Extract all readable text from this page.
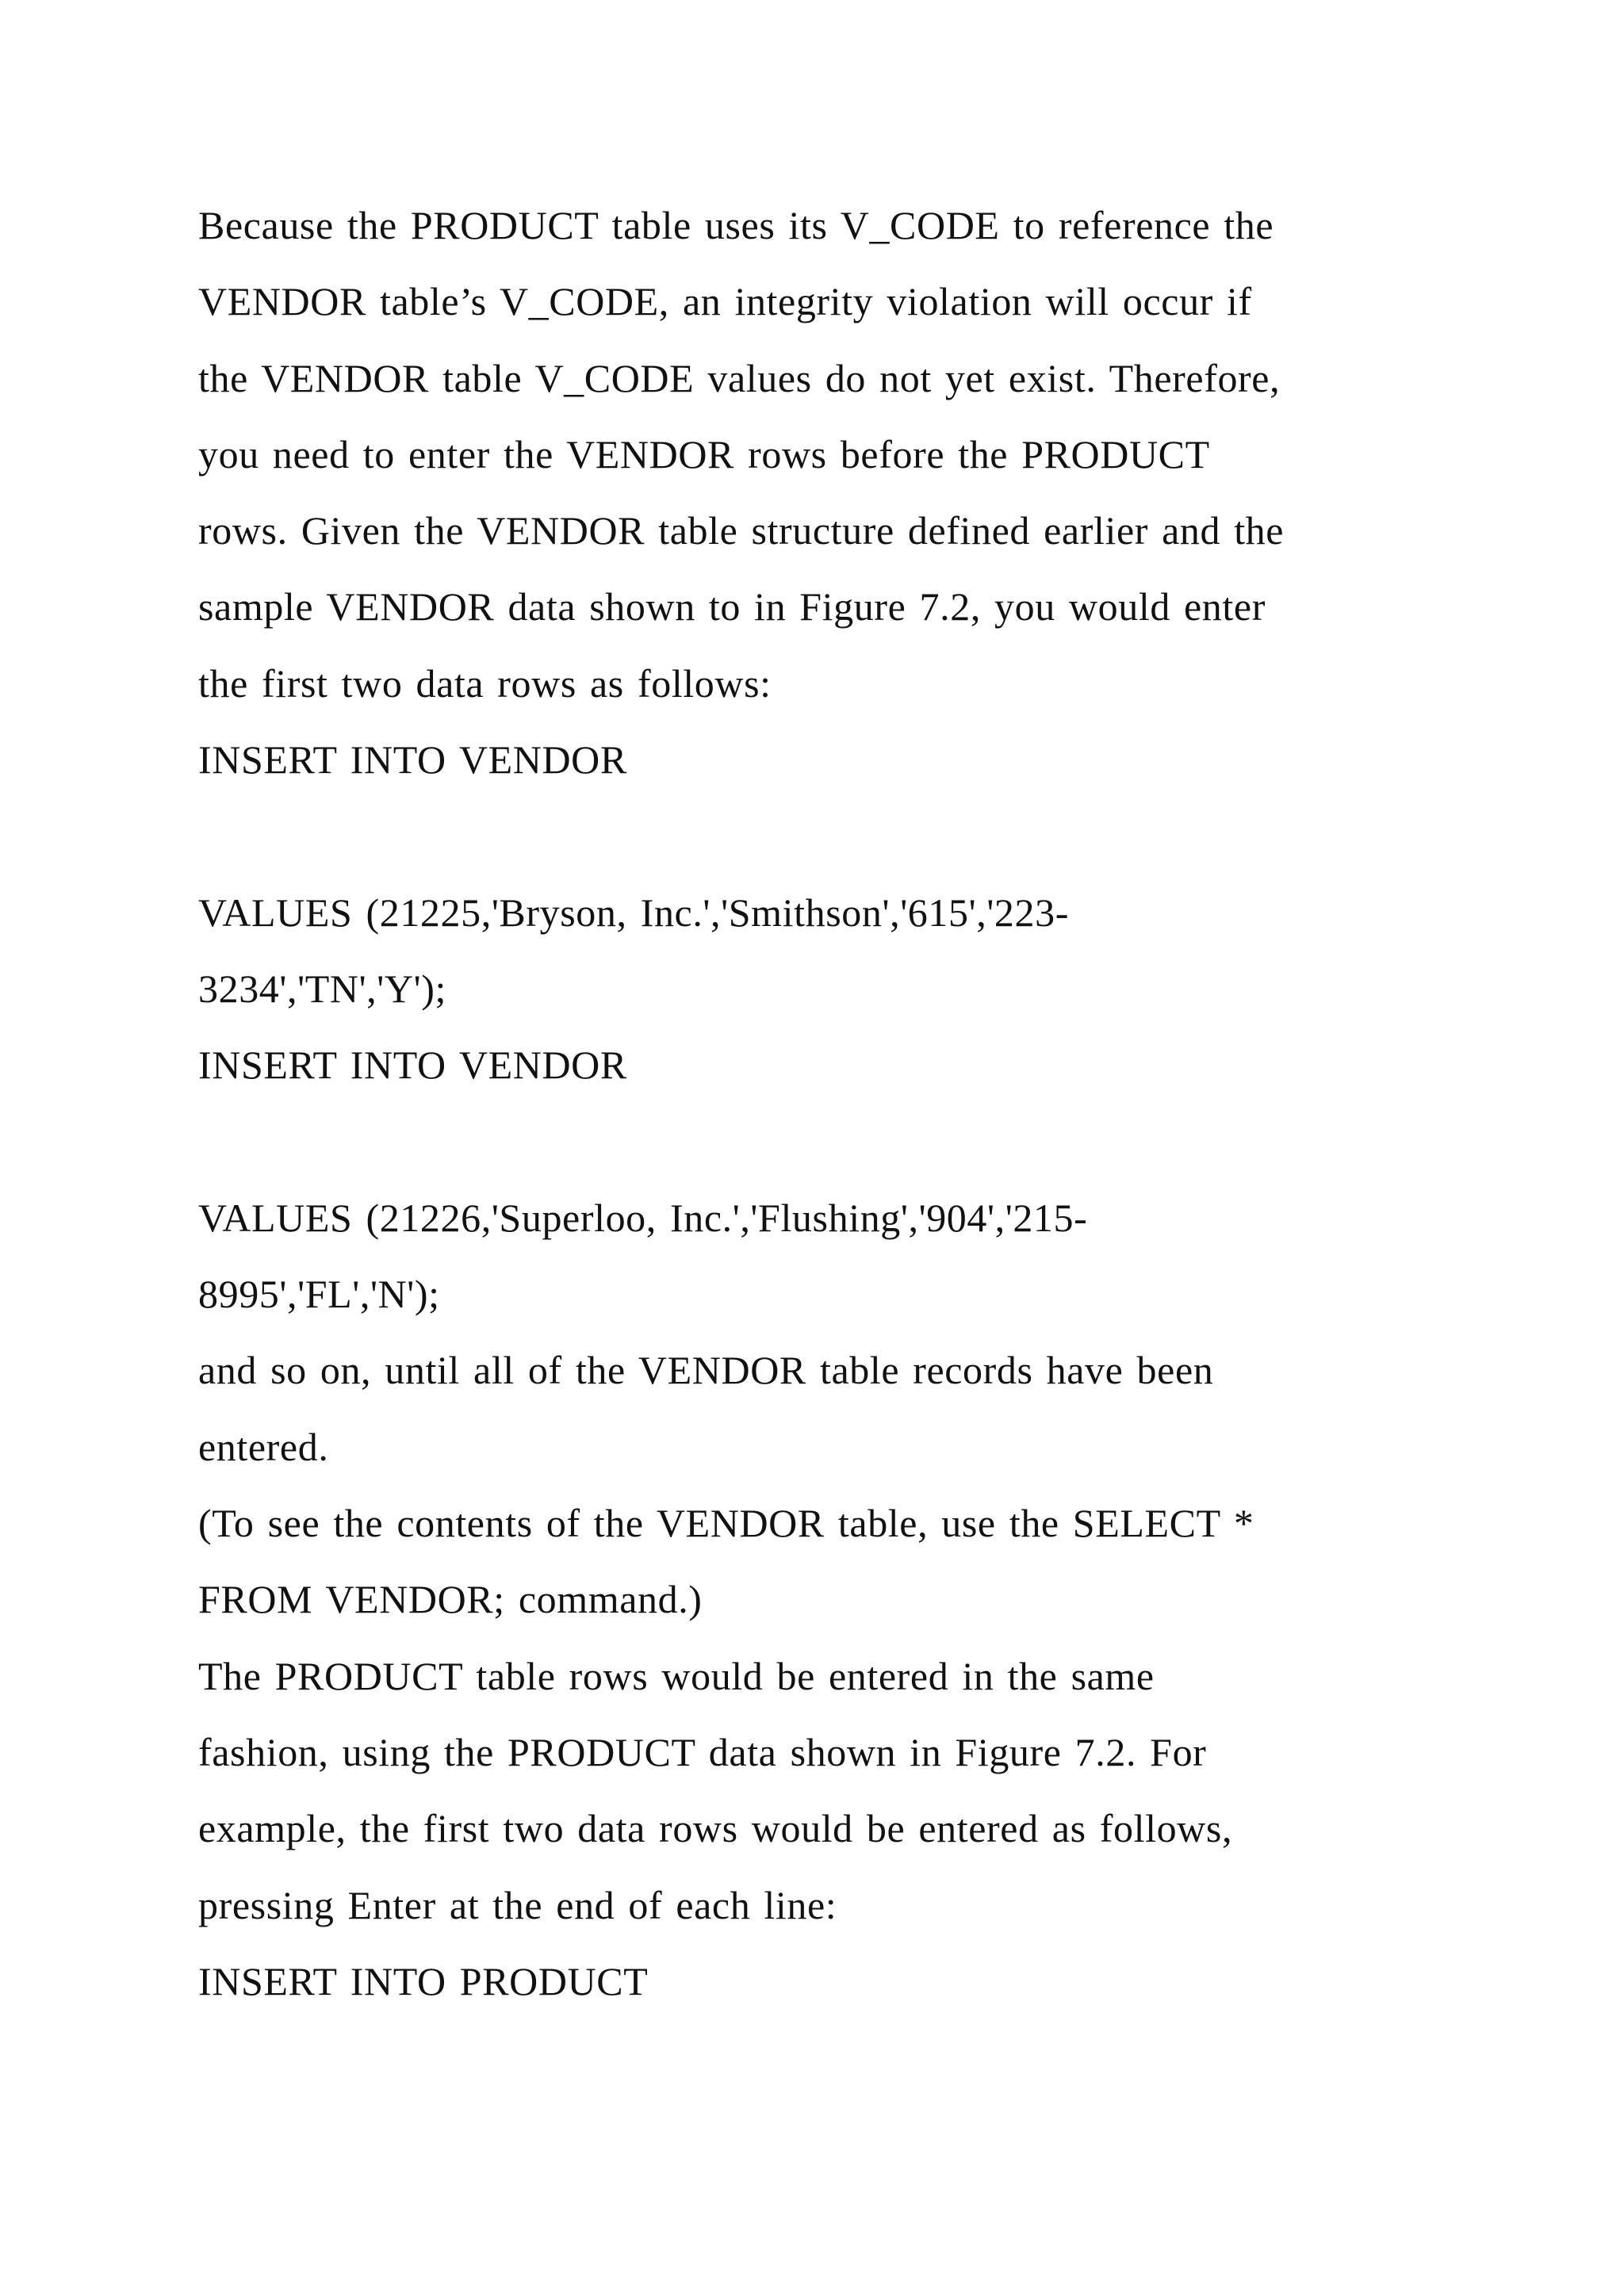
Because the PRODUCT table uses its V_CODE to reference the
VENDOR table’s V_CODE, an integrity violation will occur if
the VENDOR table V_CODE values do not yet exist. Therefore,
you need to enter the VENDOR rows before the PRODUCT
rows. Given the VENDOR table structure defined earlier and the
sample VENDOR data shown to in Figure 7.2, you would enter
the first two data rows as follows:
INSERT INTO VENDOR
VALUES (21225,'Bryson, Inc.','Smithson','615','223-
3234','TN','Y');
INSERT INTO VENDOR
VALUES (21226,'Superloo, Inc.','Flushing','904','215-
8995','FL','N');
and so on, until all of the VENDOR table records have been
entered.
(To see the contents of the VENDOR table, use the SELECT *
FROM VENDOR; command.)
The PRODUCT table rows would be entered in the same
fashion, using the PRODUCT data shown in Figure 7.2. For
example, the first two data rows would be entered as follows,
pressing Enter at the end of each line:
INSERT INTO PRODUCT
